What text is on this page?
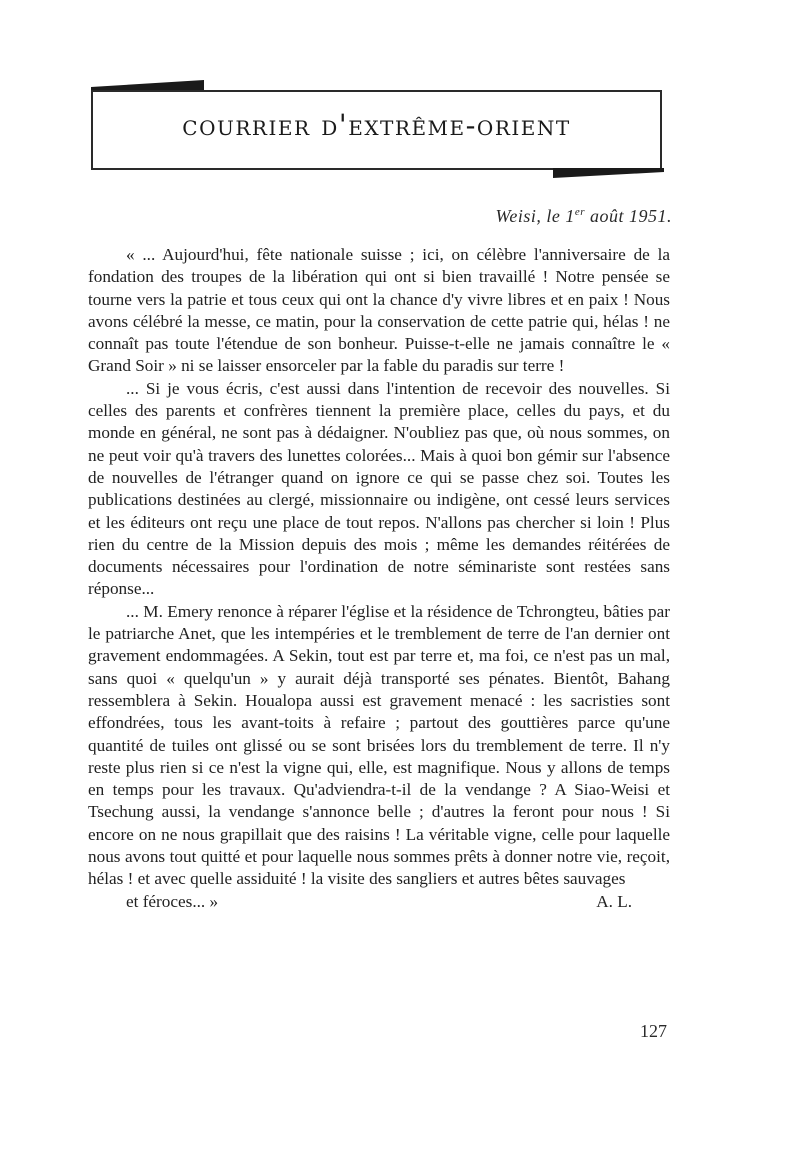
courrier d'extrême-orient
Weisi, le 1er août 1951.

« ... Aujourd'hui, fête nationale suisse ; ici, on célèbre l'anniversaire de la fondation des troupes de la libération qui ont si bien travaillé ! Notre pensée se tourne vers la patrie et tous ceux qui ont la chance d'y vivre libres et en paix ! Nous avons célébré la messe, ce matin, pour la conservation de cette patrie qui, hélas ! ne connaît pas toute l'étendue de son bonheur. Puisse-t-elle ne jamais connaître le « Grand Soir » ni se laisser ensorceler par la fable du paradis sur terre !

... Si je vous écris, c'est aussi dans l'intention de recevoir des nouvelles. Si celles des parents et confrères tiennent la première place, celles du pays, et du monde en général, ne sont pas à dédaigner. N'oubliez pas que, où nous sommes, on ne peut voir qu'à travers des lunettes colorées... Mais à quoi bon gémir sur l'absence de nouvelles de l'étranger quand on ignore ce qui se passe chez soi. Toutes les publications destinées au clergé, missionnaire ou indigène, ont cessé leurs services et les éditeurs ont reçu une place de tout repos. N'allons pas chercher si loin ! Plus rien du centre de la Mission depuis des mois ; même les demandes réitérées de documents nécessaires pour l'ordination de notre séminariste sont restées sans réponse...

... M. Emery renonce à réparer l'église et la résidence de Tchrongteu, bâties par le patriarche Anet, que les intempéries et le tremblement de terre de l'an dernier ont gravement endommagées. A Sekin, tout est par terre et, ma foi, ce n'est pas un mal, sans quoi « quelqu'un » y aurait déjà transporté ses pénates. Bientôt, Bahang ressemblera à Sekin. Houalopa aussi est gravement menacé : les sacristies sont effondrées, tous les avant-toits à refaire ; partout des gouttières parce qu'une quantité de tuiles ont glissé ou se sont brisées lors du tremblement de terre. Il n'y reste plus rien si ce n'est la vigne qui, elle, est magnifique. Nous y allons de temps en temps pour les travaux. Qu'adviendra-t-il de la vendange ? A Siao-Weisi et Tsechung aussi, la vendange s'annonce belle ; d'autres la feront pour nous ! Si encore on ne nous grapillait que des raisins ! La véritable vigne, celle pour laquelle nous avons tout quitté et pour laquelle nous sommes prêts à donner notre vie, reçoit, hélas ! et avec quelle assiduité ! la visite des sangliers et autres bêtes sauvages

et féroces... »	A. L.

127
